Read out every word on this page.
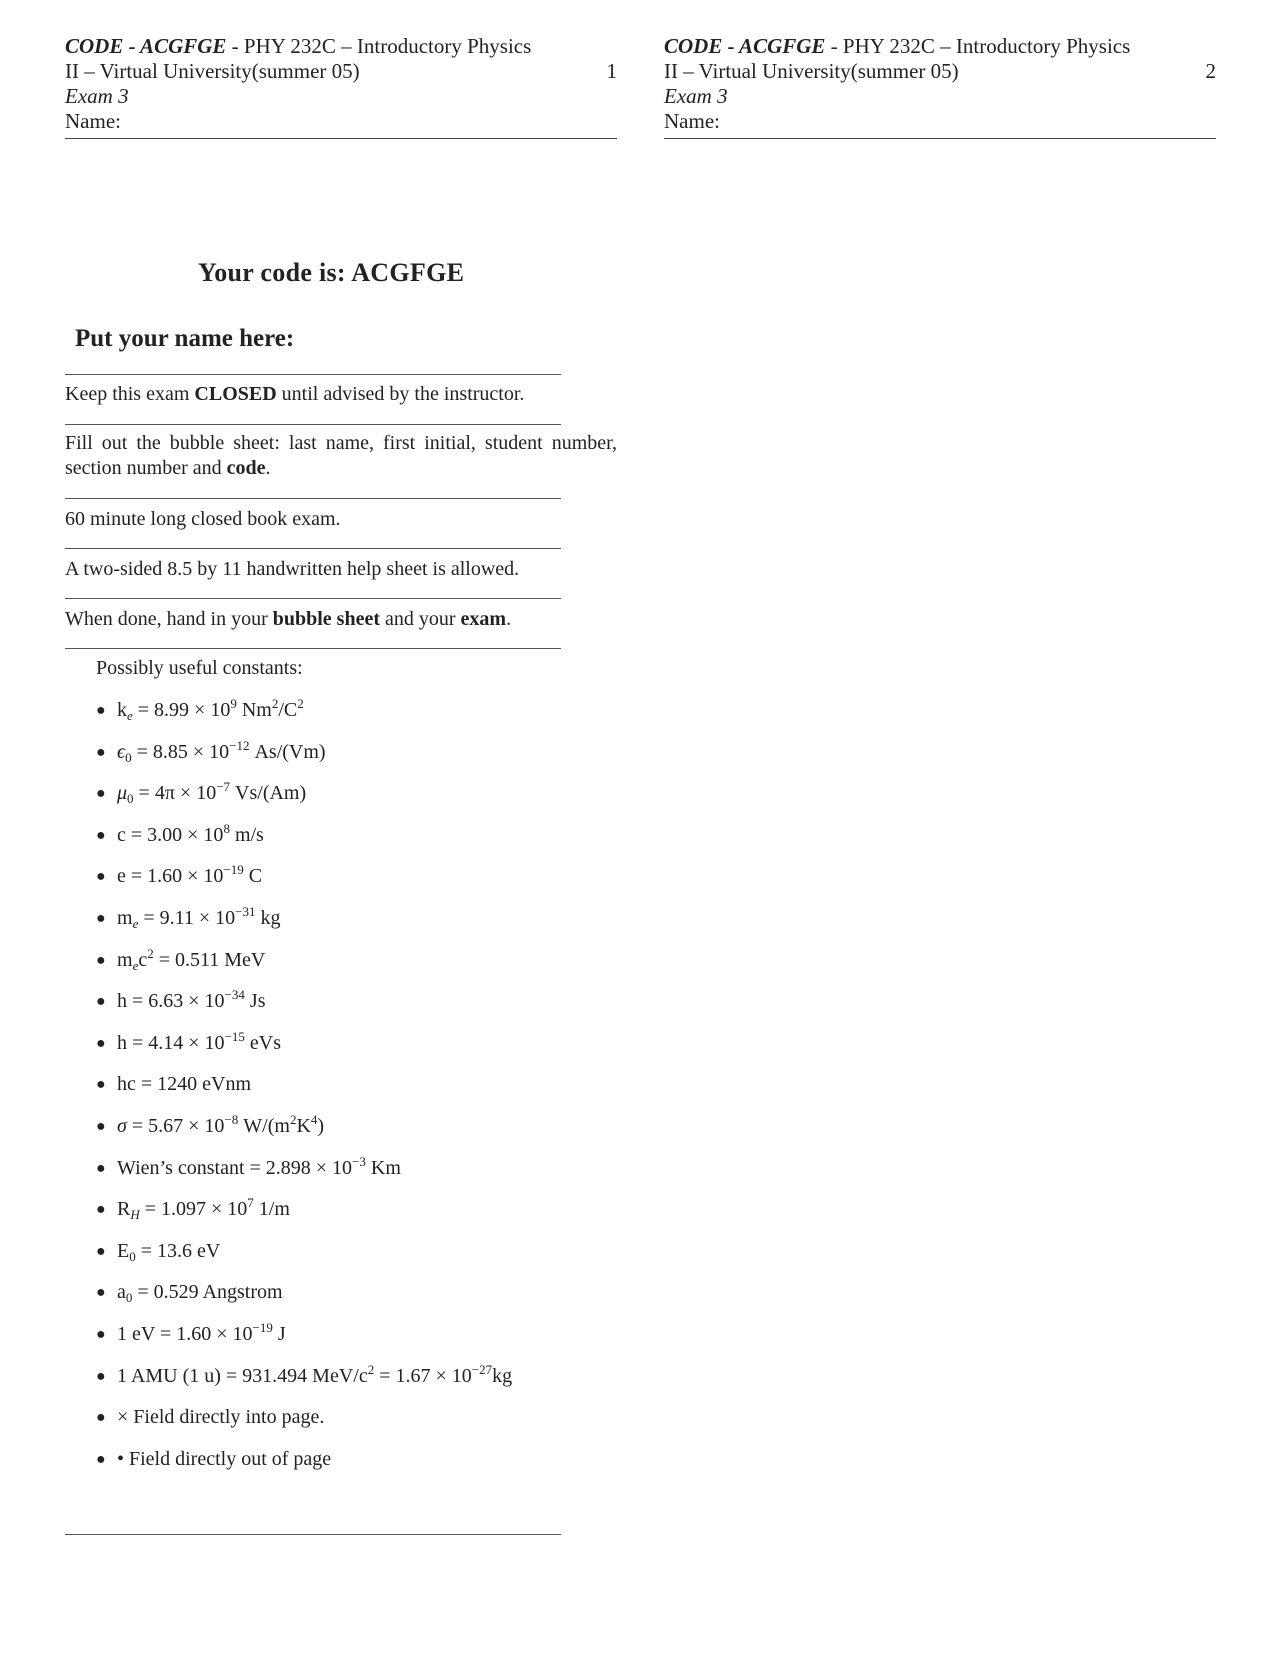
CODE - ACGFGE - PHY 232C – Introductory Physics
II – Virtual University(summer 05)	1
Exam 3
Name:
CODE - ACGFGE - PHY 232C – Introductory Physics
II – Virtual University(summer 05)	2
Exam 3
Name:
Your code is: ACGFGE
Put your name here:
Keep this exam CLOSED until advised by the instructor.
Fill out the bubble sheet: last name, first initial, student number, section number and code.
60 minute long closed book exam.
A two-sided 8.5 by 11 handwritten help sheet is allowed.
When done, hand in your bubble sheet and your exam.
Possibly useful constants:
● $k_e = 8.99 \times 10^9$ $Nm^2/C^2$
● $\epsilon_0 = 8.85 \times 10^{-12}$ As/(Vm)
● $\mu_0 = 4\pi \times 10^{-7}$ Vs/(Am)
● $c = 3.00 \times 10^8$ m/s
● $e = 1.60 \times 10^{-19}$ C
● $m_e = 9.11 \times 10^{-31}$ kg
● $m_ec^2 = 0.511$ MeV
● $h = 6.63 \times 10^{-34}$ Js
● $h = 4.14 \times 10^{-15}$ eVs
● hc = 1240 eVnm
● $\sigma = 5.67 \times 10^{-8}$ $W/(m^2K^4)$
● Wien’s constant = $2.898 \times 10^{-3}$ Km
● $R_H = 1.097 \times 10^7$ 1/m
● $E_0 = 13.6$ eV
● $a_0 = 0.529$ Angstrom
● 1 eV = $1.60 \times 10^{-19}$ J
● 1 AMU (1 u) = 931.494 MeV/$c^2 = 1.67 \times 10^{-27}kg$
● × Field directly into page.
● • Field directly out of page
